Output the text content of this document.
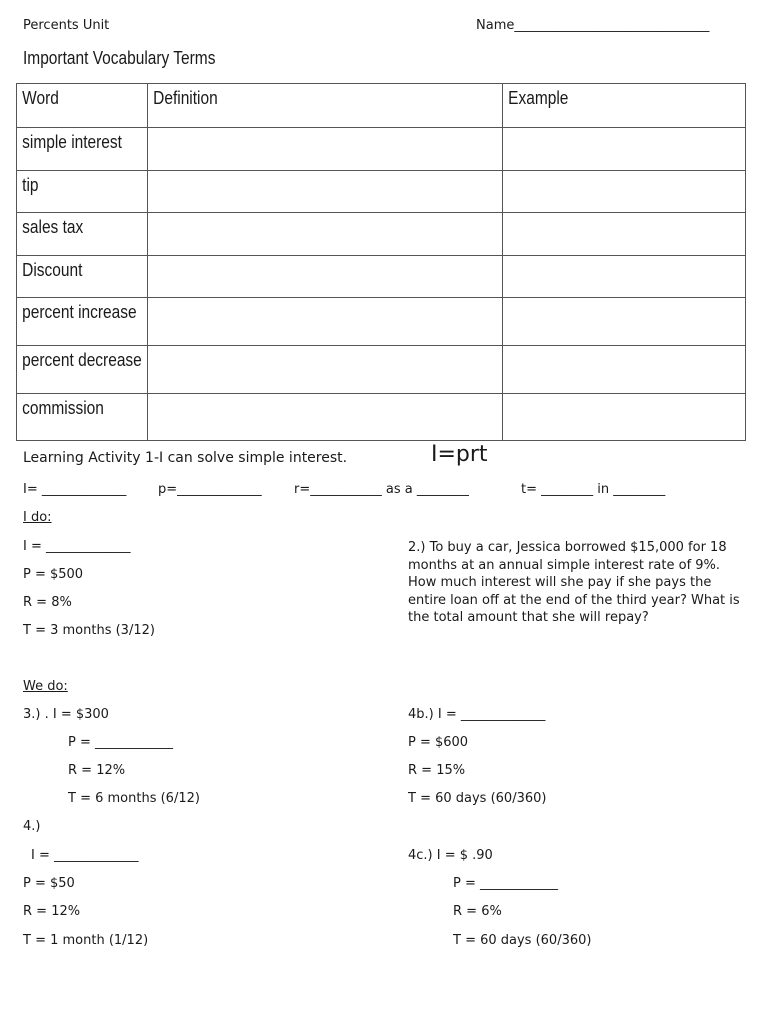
Percents Unit	Name______________________________
Important Vocabulary Terms
Word	Definition	Example

simple interest		

tip		

sales tax		

Discount		

percent increase		

percent decrease		

commission		

Learning Activity 1-I can solve simple interest.	I=prt
I= _____________ p=_____________ r=___________ as a ________	t= ________ in ________
I do:
I = _____________
P = $500
R = 8%
T = 3 months (3/12)
2.) To buy a car, Jessica borrowed $15,000 for 18 months at an annual simple interest rate of 9%. How much interest will she pay if she pays the entire loan off at the end of the third year? What is the total amount that she will repay?
We do:
3.) . I = $300
P = ____________
R = 12%
T = 6 months (6/12)
4.)
I = _____________
P = $50
R = 12%
T = 1 month (1/12)
4b.) I = _____________
P = $600
R = 15%
T = 60 days (60/360)
4c.) I = $ .90
P = ____________
R = 6%
T = 60 days (60/360)
